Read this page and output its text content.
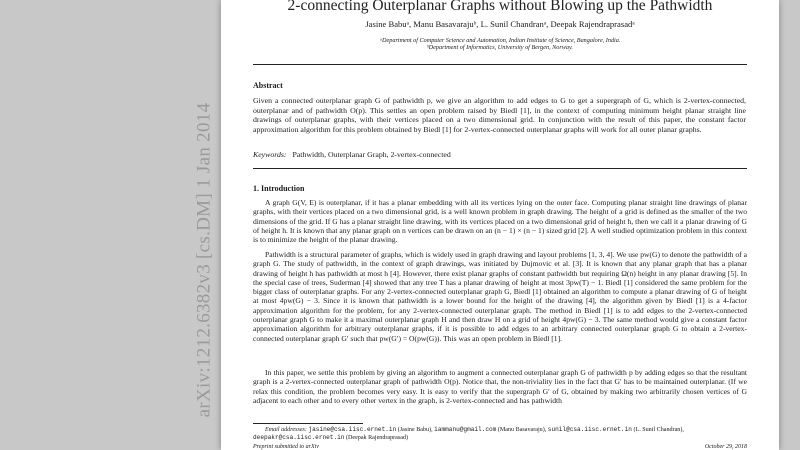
arXiv:1212.6382v3 [cs.DM] 1 Jan 2014
2-connecting Outerplanar Graphs without Blowing up the Pathwidth
Jasine Babuᵃ, Manu Basavarajuᵇ, L. Sunil Chandranᵃ, Deepak Rajendraprasadᵃ
ᵃDepartment of Computer Science and Automation, Indian Institute of Science, Bangalore, India.
ᵇDepartment of Informatics, University of Bergen, Norway.
Abstract
Given a connected outerplanar graph G of pathwidth p, we give an algorithm to add edges to G to get a supergraph of G, which is 2-vertex-connected, outerplanar and of pathwidth O(p). This settles an open problem raised by Biedl [1], in the context of computing minimum height planar straight line drawings of outerplanar graphs, with their vertices placed on a two dimensional grid. In conjunction with the result of this paper, the constant factor approximation algorithm for this problem obtained by Biedl [1] for 2-vertex-connected outerplanar graphs will work for all outer planar graphs.
Keywords: Pathwidth, Outerplanar Graph, 2-vertex-connected
1. Introduction
A graph G(V, E) is outerplanar, if it has a planar embedding with all its vertices lying on the outer face. Computing planar straight line drawings of planar graphs, with their vertices placed on a two dimensional grid, is a well known problem in graph drawing. The height of a grid is defined as the smaller of the two dimensions of the grid. If G has a planar straight line drawing, with its vertices placed on a two dimensional grid of height h, then we call it a planar drawing of G of height h. It is known that any planar graph on n vertices can be drawn on an (n − 1) × (n − 1) sized grid [2]. A well studied optimization problem in this context is to minimize the height of the planar drawing.
Pathwidth is a structural parameter of graphs, which is widely used in graph drawing and layout problems [1, 3, 4]. We use pw(G) to denote the pathwidth of a graph G. The study of pathwidth, in the context of graph drawings, was initiated by Dujmovic et al. [3]. It is known that any planar graph that has a planar drawing of height h has pathwidth at most h [4]. However, there exist planar graphs of constant pathwidth but requiring Ω(n) height in any planar drawing [5]. In the special case of trees, Suderman [4] showed that any tree T has a planar drawing of height at most 3pw(T) − 1. Biedl [1] considered the same problem for the bigger class of outerplanar graphs. For any 2-vertex-connected outerplanar graph G, Biedl [1] obtained an algorithm to compute a planar drawing of G of height at most 4pw(G) − 3. Since it is known that pathwidth is a lower bound for the height of the drawing [4], the algorithm given by Biedl [1] is a 4-factor approximation algorithm for the problem, for any 2-vertex-connected outerplanar graph. The method in Biedl [1] is to add edges to the 2-vertex-connected outerplanar graph G to make it a maximal outerplanar graph H and then draw H on a grid of height 4pw(G) − 3. The same method would give a constant factor approximation algorithm for arbitrary outerplanar graphs, if it is possible to add edges to an arbitrary connected outerplanar graph G to obtain a 2-vertex-connected outerplanar graph G′ such that pw(G′) = O(pw(G)). This was an open problem in Biedl [1].
In this paper, we settle this problem by giving an algorithm to augment a connected outerplanar graph G of pathwidth p by adding edges so that the resultant graph is a 2-vertex-connected outerplanar graph of pathwidth O(p). Notice that, the non-triviality lies in the fact that G′ has to be maintained outerplanar. (If we relax this condition, the problem becomes very easy. It is easy to verify that the supergraph G′ of G, obtained by making two arbitrarily chosen vertices of G adjacent to each other and to every other vertex in the graph, is 2-vertex-connected and has pathwidth
Email addresses: jasine@csa.iisc.ernet.in (Jasine Babu), iammanu@gmail.com (Manu Basavaraju), sunil@csa.iisc.ernet.in (L. Sunil Chandran), deepakr@csa.iisc.ernet.in (Deepak Rajendraprasad)
Preprint submitted to arXiv	October 29, 2018
